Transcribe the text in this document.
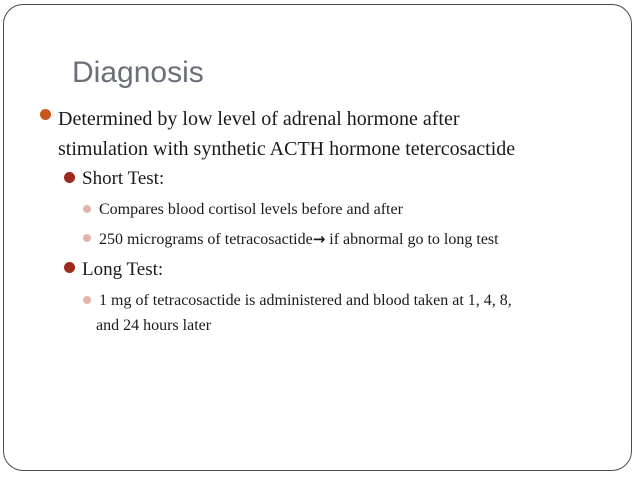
Diagnosis
Determined by low level of adrenal hormone after
stimulation with synthetic ACTH hormone tetercosactide
Short Test:
Compares blood cortisol levels before and after
250 micrograms of tetracosactide→ if abnormal go to long test
Long Test:
1 mg of tetracosactide is administered and blood taken at 1, 4, 8,
and 24 hours later
